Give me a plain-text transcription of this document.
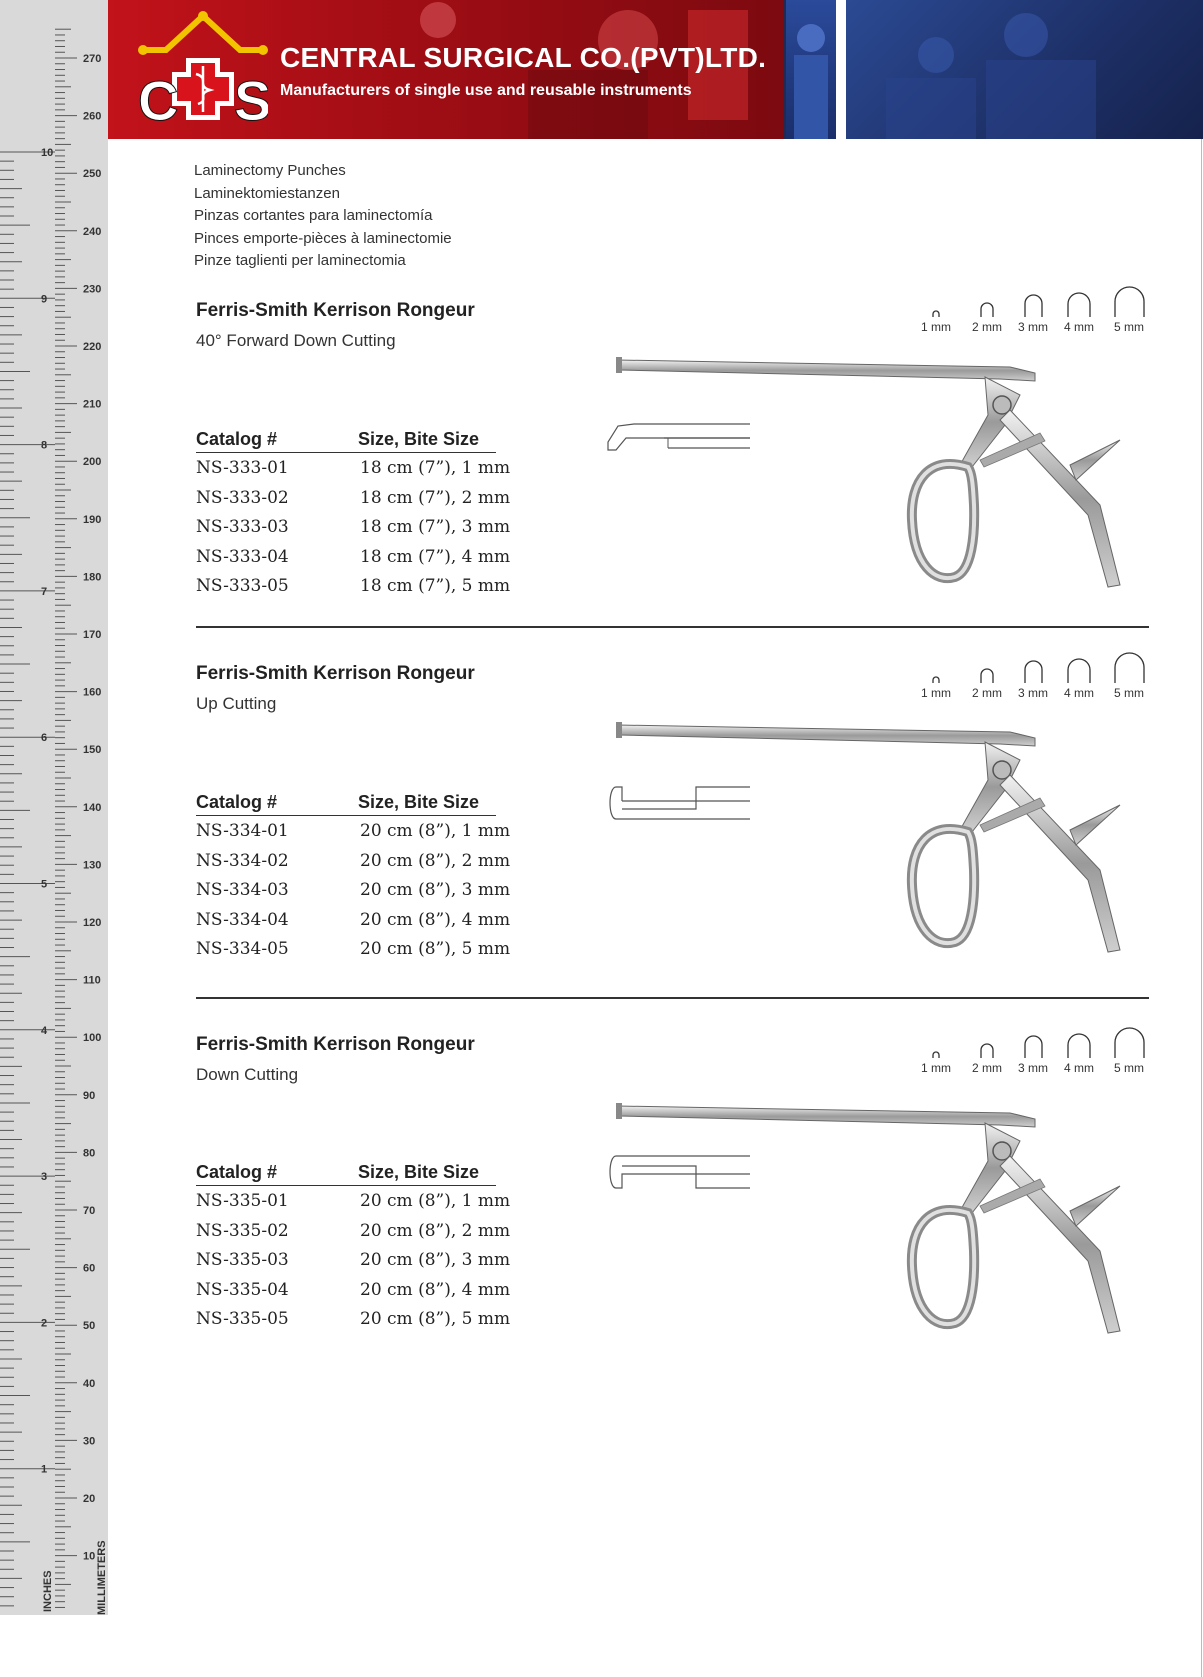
270
260
250
240
230
220
210
200
190
180
170
160
150
140
130
120
110
100
90
80
70
60
50
40
30
20
10
10
9
8
7
6
5
4
3
2
1
INCHES	MILLIMETERS
C S
CENTRAL SURGICAL CO.(PVT)LTD.
Manufacturers of single use and reusable instruments
Laminectomy Punches
Laminektomiestanzen
Pinzas cortantes para laminectomía
Pinces emporte-pièces à laminectomie
Pinze taglienti per laminectomia
Ferris-Smith Kerrison Rongeur
40° Forward Down Cutting
1 mm	2 mm	3 mm	4 mm	5 mm
Catalog #	Size, Bite Size
NS-333-01	18 cm (7”), 1 mm
NS-333-02	18 cm (7”), 2 mm
NS-333-03	18 cm (7”), 3 mm
NS-333-04	18 cm (7”), 4 mm
NS-333-05	18 cm (7”), 5 mm
Ferris-Smith Kerrison Rongeur
Up Cutting
1 mm	2 mm	3 mm	4 mm	5 mm
Catalog #	Size, Bite Size
NS-334-01	20 cm (8”), 1 mm
NS-334-02	20 cm (8”), 2 mm
NS-334-03	20 cm (8”), 3 mm
NS-334-04	20 cm (8”), 4 mm
NS-334-05	20 cm (8”), 5 mm
Ferris-Smith Kerrison Rongeur
Down Cutting	1 mm	2 mm	3 mm	4 mm	5 mm
Catalog #	Size, Bite Size
NS-335-01	20 cm (8”), 1 mm
NS-335-02	20 cm (8”), 2 mm
NS-335-03	20 cm (8”), 3 mm
NS-335-04	20 cm (8”), 4 mm
NS-335-05	20 cm (8”), 5 mm
